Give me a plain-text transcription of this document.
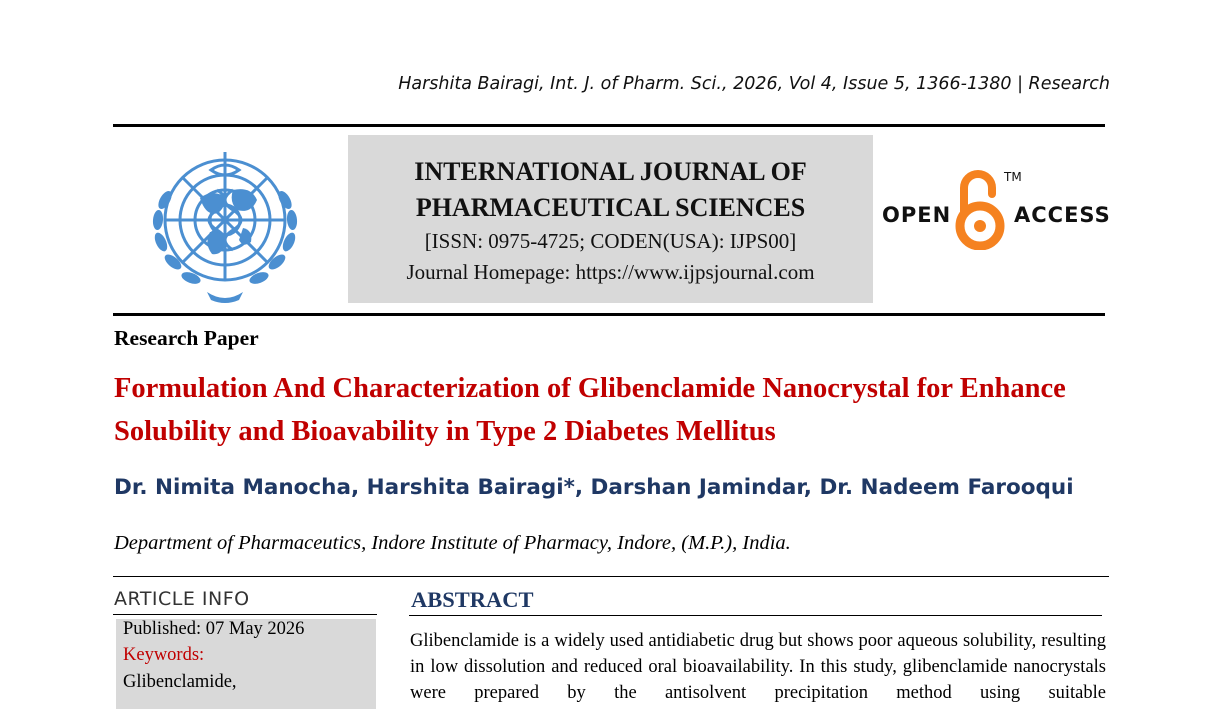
Harshita Bairagi, Int. J. of Pharm. Sci., 2026, Vol 4, Issue 5, 1366-1380 | Research
INTERNATIONAL JOURNAL OF
PHARMACEUTICAL SCIENCES
[ISSN: 0975-4725; CODEN(USA): IJPS00]
Journal Homepage: https://www.ijpsjournal.com
OPEN
TM
ACCESS
Research Paper
Formulation And Characterization of Glibenclamide Nanocrystal for Enhance Solubility and Bioavability in Type 2 Diabetes Mellitus
Dr. Nimita Manocha, Harshita Bairagi*, Darshan Jamindar, Dr. Nadeem Farooqui
Department of Pharmaceutics, Indore Institute of Pharmacy, Indore, (M.P.), India.
ARTICLE INFO
Published: 07 May 2026
Keywords:
Glibenclamide,
ABSTRACT
Glibenclamide is a widely used antidiabetic drug but shows poor aqueous solubility, resulting in low dissolution and reduced oral bioavailability. In this study, glibenclamide nanocrystals were prepared by the antisolvent precipitation method using suitable
